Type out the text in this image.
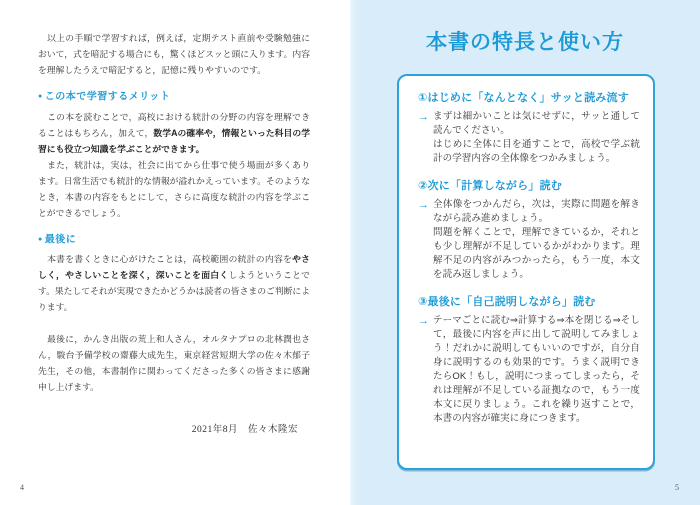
　以上の手順で学習すれば，例えば，定期テスト直前や受験勉強において，式を暗記する場合にも，驚くほどスッと頭に入ります。内容を理解したうえで暗記すると，記憶に残りやすいのです。

● この本で学習するメリット

　この本を読むことで，高校における統計の分野の内容を理解できることはもちろん，加えて，数学Aの確率や，情報といった科目の学習にも役立つ知識を学ぶことができます。

　また，統計は，実は，社会に出てから仕事で使う場面が多くあります。日常生活でも統計的な情報が溢れかえっています。そのようなとき，本書の内容をもとにして，さらに高度な統計の内容を学ぶことができるでしょう。

● 最後に

　本書を書くときに心がけたことは，高校範囲の統計の内容をやさしく，やさしいことを深く，深いことを面白くしようということです。果たしてそれが実現できたかどうかは読者の皆さまのご判断によります。

　最後に，かんき出版の荒上和人さん，オルタナプロの北林潤也さん，駿台予備学校の齋藤大成先生，東京経営短期大学の佐々木郁子先生，その他，本書制作に関わってくださった多くの皆さまに感謝申し上げます。

2021年8月　佐々木隆宏
4
本書の特長と使い方
①はじめに「なんとなく」サッと読み流す
→ まずは細かいことは気にせずに，サッと通して読んでください。

はじめに全体に目を通すことで，高校で学ぶ統計の学習内容の全体像をつかみましょう。

②次に「計算しながら」読む
→ 全体像をつかんだら，次は，実際に問題を解きながら読み進めましょう。

問題を解くことで，理解できているか，それとも少し理解が不足しているかがわかります。理解不足の内容がみつかったら，もう一度，本文を読み返しましょう。

③最後に「自己説明しながら」読む
→ テーマごとに読む⇒計算する⇒本を閉じる⇒そして，最後に内容を声に出して説明してみましょう！だれかに説明してもいいのですが，自分自身に説明するのも効果的です。うまく説明できたらOK！もし，説明につまってしまったら，それは理解が不足している証拠なので，もう一度本文に戻りましょう。これを繰り返すことで，本書の内容が確実に身につきます。

5
